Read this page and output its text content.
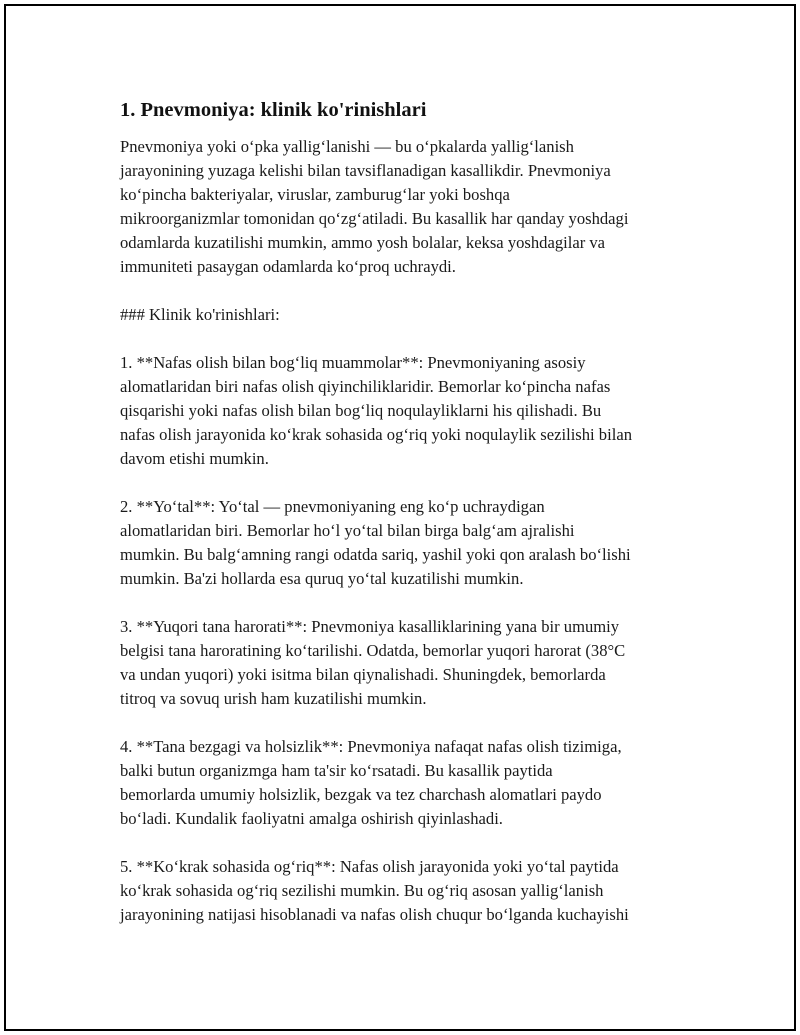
1. Pnevmoniya: klinik ko'rinishlari
Pnevmoniya yoki o‘pka yallig‘lanishi — bu o‘pkalarda yallig‘lanish
jarayonining yuzaga kelishi bilan tavsiflanadigan kasallikdir. Pnevmoniya
ko‘pincha bakteriyalar, viruslar, zamburug‘lar yoki boshqa
mikroorganizmlar tomonidan qo‘zg‘atiladi. Bu kasallik har qanday yoshdagi
odamlarda kuzatilishi mumkin, ammo yosh bolalar, keksa yoshdagilar va
immuniteti pasaygan odamlarda ko‘proq uchraydi.
### Klinik ko'rinishlari:
1. **Nafas olish bilan bog‘liq muammolar**: Pnevmoniyaning asosiy
alomatlaridan biri nafas olish qiyinchiliklaridir. Bemorlar ko‘pincha nafas
qisqarishi yoki nafas olish bilan bog‘liq noqulayliklarni his qilishadi. Bu
nafas olish jarayonida ko‘krak sohasida og‘riq yoki noqulaylik sezilishi bilan
davom etishi mumkin.
2. **Yo‘tal**: Yo‘tal — pnevmoniyaning eng ko‘p uchraydigan
alomatlaridan biri. Bemorlar ho‘l yo‘tal bilan birga balg‘am ajralishi
mumkin. Bu balg‘amning rangi odatda sariq, yashil yoki qon aralash bo‘lishi
mumkin. Ba'zi hollarda esa quruq yo‘tal kuzatilishi mumkin.
3. **Yuqori tana harorati**: Pnevmoniya kasalliklarining yana bir umumiy
belgisi tana haroratining ko‘tarilishi. Odatda, bemorlar yuqori harorat (38°C
va undan yuqori) yoki isitma bilan qiynalishadi. Shuningdek, bemorlarda
titroq va sovuq urish ham kuzatilishi mumkin.
4. **Tana bezgagi va holsizlik**: Pnevmoniya nafaqat nafas olish tizimiga,
balki butun organizmga ham ta'sir ko‘rsatadi. Bu kasallik paytida
bemorlarda umumiy holsizlik, bezgak va tez charchash alomatlari paydo
bo‘ladi. Kundalik faoliyatni amalga oshirish qiyinlashadi.
5. **Ko‘krak sohasida og‘riq**: Nafas olish jarayonida yoki yo‘tal paytida
ko‘krak sohasida og‘riq sezilishi mumkin. Bu og‘riq asosan yallig‘lanish
jarayonining natijasi hisoblanadi va nafas olish chuqur bo‘lganda kuchayishi
